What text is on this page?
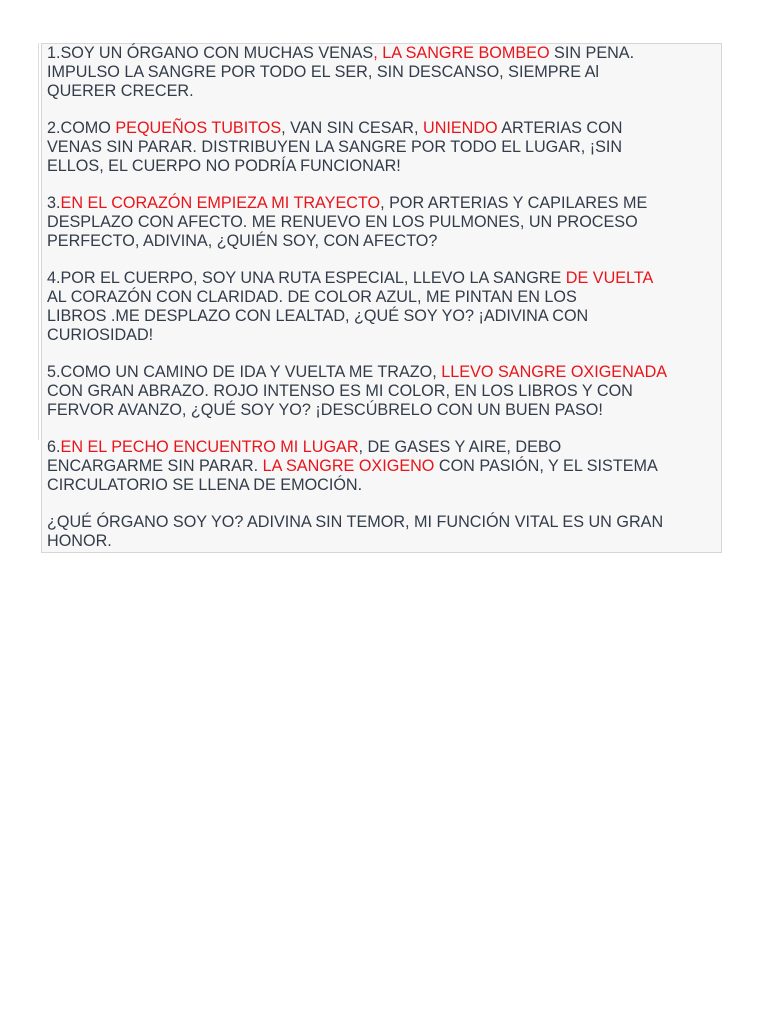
1.SOY UN ÓRGANO CON MUCHAS VENAS, LA SANGRE BOMBEO SIN PENA.
IMPULSO LA SANGRE POR TODO EL SER, SIN DESCANSO, SIEMPRE Al
QUERER CRECER.
2.COMO PEQUEÑOS TUBITOS, VAN SIN CESAR, UNIENDO ARTERIAS CON
VENAS SIN PARAR. DISTRIBUYEN LA SANGRE POR TODO EL LUGAR, ¡SIN
ELLOS, EL CUERPO NO PODRÍA FUNCIONAR!
3.EN EL CORAZÓN EMPIEZA MI TRAYECTO, POR ARTERIAS Y CAPILARES ME
DESPLAZO CON AFECTO. ME RENUEVO EN LOS PULMONES, UN PROCESO
PERFECTO, ADIVINA, ¿QUIÉN SOY, CON AFECTO?
4.POR EL CUERPO, SOY UNA RUTA ESPECIAL, LLEVO LA SANGRE DE VUELTA
AL CORAZÓN CON CLARIDAD. DE COLOR AZUL, ME PINTAN EN LOS
LIBROS .ME DESPLAZO CON LEALTAD, ¿QUÉ SOY YO? ¡ADIVINA CON
CURIOSIDAD!
5.COMO UN CAMINO DE IDA Y VUELTA ME TRAZO, LLEVO SANGRE OXIGENADA
CON GRAN ABRAZO. ROJO INTENSO ES MI COLOR, EN LOS LIBROS Y CON
FERVOR AVANZO, ¿QUÉ SOY YO? ¡DESCÚBRELO CON UN BUEN PASO!
6.EN EL PECHO ENCUENTRO MI LUGAR, DE GASES Y AIRE, DEBO
ENCARGARME SIN PARAR. LA SANGRE OXIGENO CON PASIÓN, Y EL SISTEMA
CIRCULATORIO SE LLENA DE EMOCIÓN.
¿QUÉ ÓRGANO SOY YO? ADIVINA SIN TEMOR, MI FUNCIÓN VITAL ES UN GRAN
HONOR.
